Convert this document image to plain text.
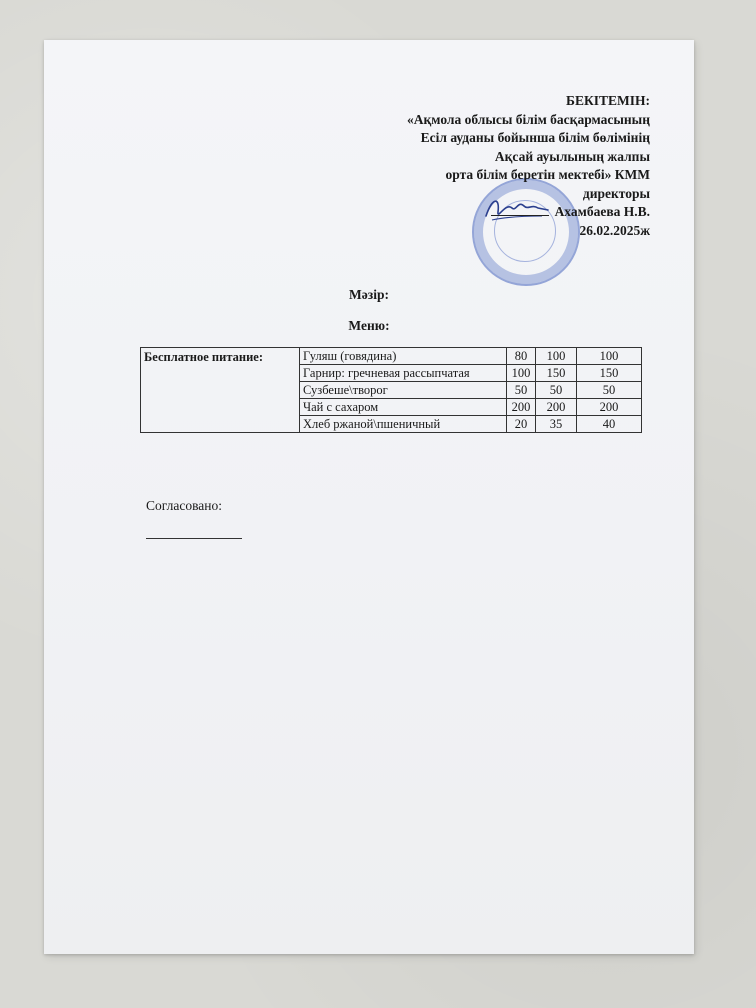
БЕКІТЕМІН:
«Ақмола облысы білім басқармасының
Есіл ауданы бойынша білім бөлімінің
Ақсай ауылының жалпы
орта білім беретін мектебі» КММ
директоры
Ахамбаева Н.В.
26.02.2025ж
Мәзір:
Меню:
Бесплатное питание:	Гуляш (говядина)	80	100	100
	Гарнир: гречневая рассыпчатая	100	150	150
	Сузбеше\творог	50	50	50
	Чай с сахаром	200	200	200
	Хлеб ржаной\пшеничный	20	35	40
Согласовано:
